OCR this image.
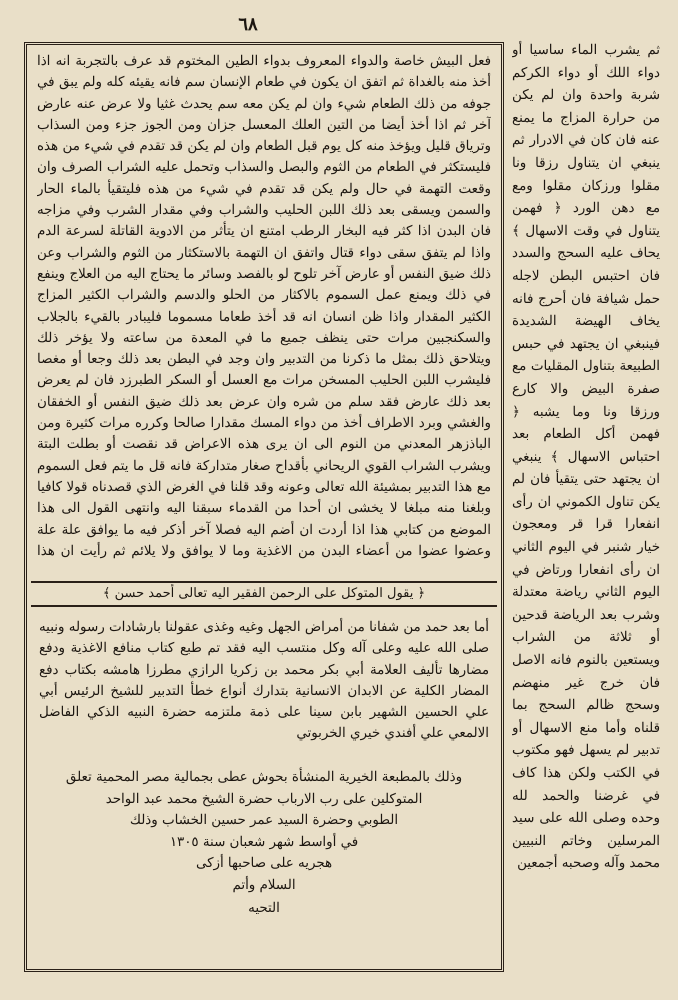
٦٨
فعل البيش خاصة والدواء المعروف بدواء الطين المختوم قد عرف بالتجربة انه اذا أخذ منه بالغداة ثم اتفق ان يكون في طعام الإنسان سم فانه يقيئه كله ولم يبق في جوفه من ذلك الطعام شيء وان لم يكن معه سم يحدث غثيا ولا عرض عنه عارض آخر ثم اذا أخذ أيضا من التين العلك المعسل جزان ومن الجوز جزء ومن السذاب وترياق قليل ويؤخذ منه كل يوم قبل الطعام وان لم يكن قد تقدم في شيء من هذه فليستكثر في الطعام من الثوم والبصل والسذاب وتحمل عليه الشراب الصرف وان وقعت التهمة في حال ولم يكن قد تقدم في شيء من هذه فليتقيأ بالماء الحار والسمن ويسقى بعد ذلك اللبن الحليب والشراب وفي مقدار الشرب وفي مزاجه فان البدن اذا كثر فيه البخار الرطب امتنع ان يتأثر من الادوية القاتلة لسرعة الدم واذا لم يتفق سقى دواء قتال واتفق ان التهمة بالاستكثار من الثوم والشراب وعن ذلك ضيق النفس أو عارض آخر تلوح لو بالفصد وسائر ما يحتاج اليه من العلاج وينفع في ذلك ويمنع عمل السموم بالاكثار من الحلو والدسم والشراب الكثير المزاج الكثير المقدار واذا ظن انسان انه قد أخذ طعاما مسموما فليبادر بالقيء بالجلاب والسكنجبين مرات حتى ينظف جميع ما في المعدة من ساعته ولا يؤخر ذلك ويتلاحق ذلك بمثل ما ذكرنا من التدبير وان وجد في البطن بعد ذلك وجعا أو مغصا فليشرب اللبن الحليب المسخن مرات مع العسل أو السكر الطبرزد فان لم يعرض بعد ذلك عارض فقد سلم من شره وان عرض بعد ذلك ضيق النفس أو الخفقان والغشي وبرد الاطراف أخذ من دواء المسك مقدارا صالحا وكرره مرات كثيرة ومن الباذزهر المعدني من النوم الى ان يرى هذه الاعراض قد نقصت أو بطلت البتة ويشرب الشراب القوي الريحاني بأقداح صغار متداركة فانه قل ما يتم فعل السموم مع هذا التدبير بمشيئة الله تعالى وعونه وقد قلنا في الغرض الذي قصدناه قولا كافيا وبلغنا منه مبلغا لا يخشى ان أحدا من القدماء سبقنا اليه وانتهى القول الى هذا الموضع من كتابي هذا اذا أردت ان أضم اليه فصلا آخر أذكر فيه ما يوافق علة علة وعضوا عضوا من أعضاء البدن من الاغذية وما لا يوافق ولا يلائم ثم رأيت ان هذا
﴿ يقول المتوكل على الرحمن الفقير اليه تعالى أحمد حسن ﴾
أما بعد حمد من شفانا من أمراض الجهل وغيه وغذى عقولنا بارشادات رسوله ونبيه صلى الله عليه وعلى آله وكل منتسب اليه فقد تم طبع كتاب منافع الاغذية ودفع مضارها تأليف العلامة أبي بكر محمد بن زكريا الرازي مطرزا هامشه بكتاب دفع المضار الكلية عن الابدان الانسانية بتدارك أنواع خطأ التدبير للشيخ الرئيس أبي علي الحسين الشهير بابن سينا على ذمة ملتزمه حضرة النبيه الذكي الفاضل الالمعي علي أفندي خيري الخربوتي
وذلك بالمطبعة الخيرية المنشأة بحوش عطى بجمالية مصر المحمية تعلق
المتوكلين على رب الارباب حضرة الشيخ محمد عبد الواحد
الطوبي وحضرة السيد عمر حسين الخشاب وذلك
في أواسط شهر شعبان سنة ١٣٠٥
هجريه على صاحبها أزكى
السلام وأتم
التحيه
ثم يشرب الماء ساسيا أو دواء اللك أو دواء الكركم شربة واحدة وان لم يكن من حرارة المزاج ما يمنع عنه فان كان في الادرار ثم ينبغي ان يتناول رزقا ونا مقلوا ورزكان مقلوا ومع مع دهن الورد ﴿ فهمن يتناول في وقت الاسهال ﴾ يحاف عليه السحج والسدد فان احتبس البطن لاجله حمل شيافة فان أحرج فانه يخاف الهيضة الشديدة فينبغي ان يجتهد في حبس الطبيعة بتناول المقليات مع صفرة البيض والا كارع ورزقا ونا وما يشبه ﴿ فهمن أكل الطعام بعد احتباس الاسهال ﴾ ينبغي ان يجتهد حتى يتقيأ فان لم يكن تناول الكموني ان رأى انفعارا قرا قر ومعجون خيار شنبر في اليوم الثاني ان رأى انفعارا ورتاض في اليوم الثاني رياضة معتدلة وشرب بعد الرياضة قدحين أو ثلاثة من الشراب ويستعين بالنوم فانه الاصل فان خرج غير منهضم وسحج ظالم السحج بما قلناه وأما منع الاسهال أو تدبير لم يسهل فهو مكتوب في الكتب ولكن هذا كاف في غرضنا والحمد لله وحده وصلى الله على سيد المرسلين وخاتم النبيين محمد وآله وصحبه أجمعين
